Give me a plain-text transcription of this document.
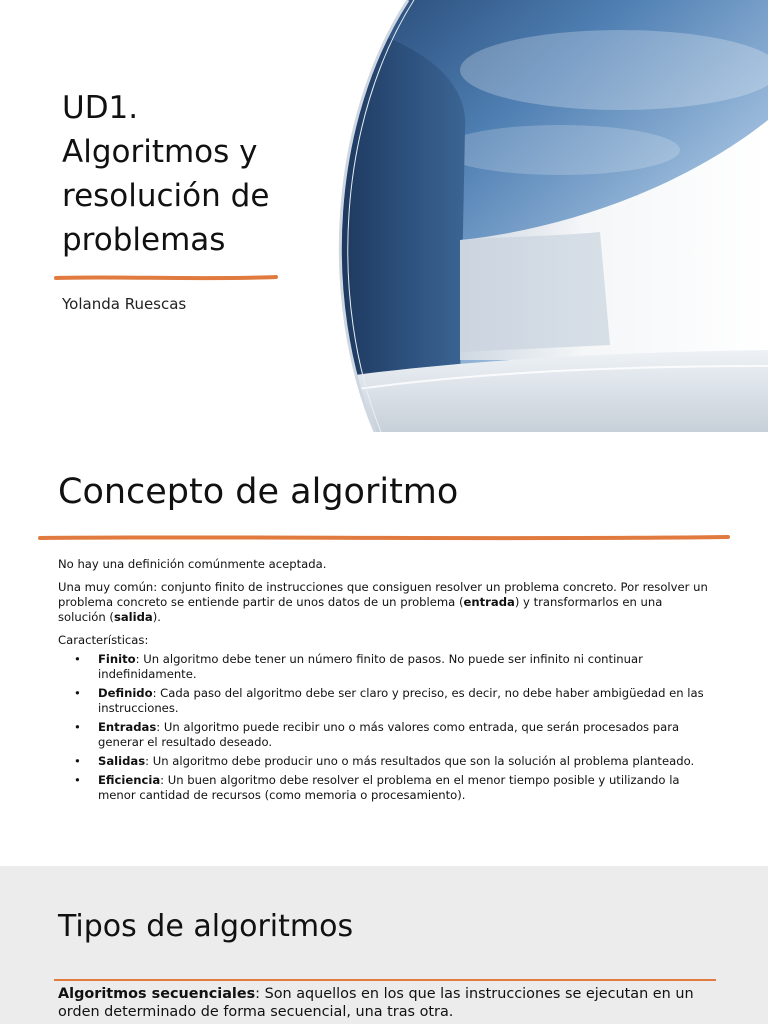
UD1.
Algoritmos y
resolución de
problemas
Yolanda Ruescas
Concepto de algoritmo

No hay una definición comúnmente aceptada.

Una muy común: conjunto finito de instrucciones que consiguen resolver un problema concreto. Por resolver un problema concreto se entiende partir de unos datos de un problema (entrada) y transformarlos en una solución (salida).

Características:

• Finito: Un algoritmo debe tener un número finito de pasos. No puede ser infinito ni continuar indefinidamente.
• Definido: Cada paso del algoritmo debe ser claro y preciso, es decir, no debe haber ambigüedad en las instrucciones.
• Entradas: Un algoritmo puede recibir uno o más valores como entrada, que serán procesados para generar el resultado deseado.
• Salidas: Un algoritmo debe producir uno o más resultados que son la solución al problema planteado.
• Eficiencia: Un buen algoritmo debe resolver el problema en el menor tiempo posible y utilizando la menor cantidad de recursos (como memoria o procesamiento).
Tipos de algoritmos
Algoritmos secuenciales: Son aquellos en los que las instrucciones se ejecutan en un orden determinado de forma secuencial, una tras otra.
